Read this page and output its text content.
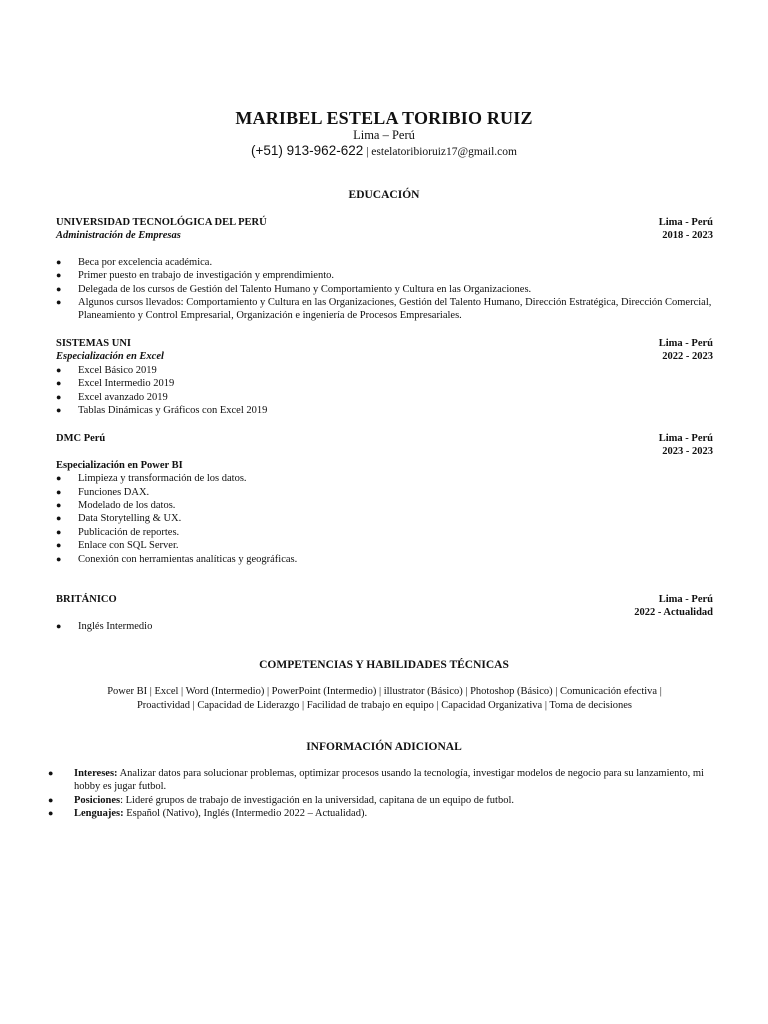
MARIBEL ESTELA TORIBIO RUIZ
Lima – Perú
(+51) 913-962-622 | estelatoribioruiz17@gmail.com
EDUCACIÓN
UNIVERSIDAD TECNOLÓGICA DEL PERÚ	Lima - Perú
Administración de Empresas	2018 - 2023
● Beca por excelencia académica.
● Primer puesto en trabajo de investigación y emprendimiento.
● Delegada de los cursos de Gestión del Talento Humano y Comportamiento y Cultura en las Organizaciones.
● Algunos cursos llevados: Comportamiento y Cultura en las Organizaciones, Gestión del Talento Humano, Dirección Estratégica, Dirección Comercial, Planeamiento y Control Empresarial, Organización e ingeniería de Procesos Empresariales.
SISTEMAS UNI	Lima - Perú
Especialización en Excel	2022 - 2023
● Excel Básico 2019
● Excel Intermedio 2019
● Excel avanzado 2019
● Tablas Dinámicas y Gráficos con Excel 2019
DMC Perú	Lima - Perú
2023 - 2023
Especialización en Power BI
● Limpieza y transformación de los datos.
● Funciones DAX.
● Modelado de los datos.
● Data Storytelling & UX.
● Publicación de reportes.
● Enlace con SQL Server.
● Conexión con herramientas analíticas y geográficas.
BRITÁNICO	Lima - Perú
2022 - Actualidad
● Inglés Intermedio
COMPETENCIAS Y HABILIDADES TÉCNICAS
Power BI | Excel | Word (Intermedio) | PowerPoint (Intermedio) | illustrator (Básico) | Photoshop (Básico) | Comunicación efectiva |
Proactividad | Capacidad de Liderazgo | Facilidad de trabajo en equipo | Capacidad Organizativa | Toma de decisiones
INFORMACIÓN ADICIONAL
● Intereses: Analizar datos para solucionar problemas, optimizar procesos usando la tecnología, investigar modelos de negocio para su lanzamiento, mi hobby es jugar futbol.
● Posiciones: Lideré grupos de trabajo de investigación en la universidad, capitana de un equipo de futbol.
● Lenguajes: Español (Nativo), Inglés (Intermedio 2022 – Actualidad).
